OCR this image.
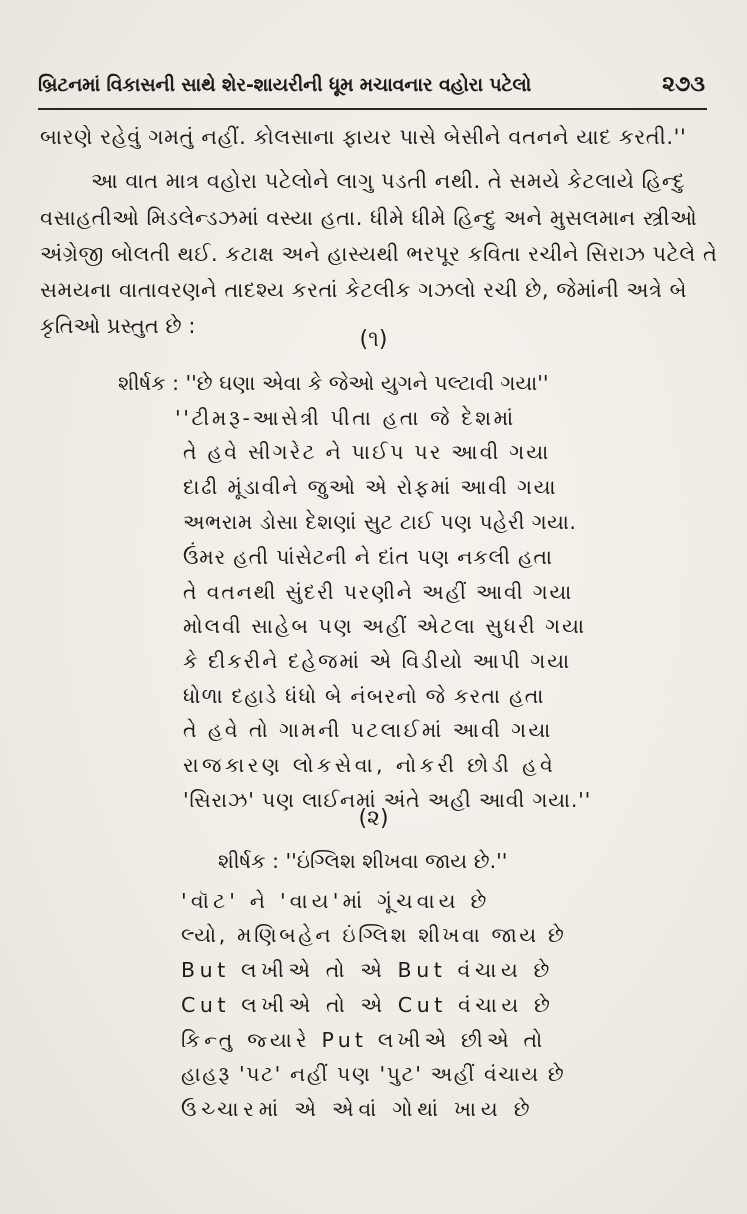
બ્રિટનમાં વિકાસની સાથે શેર-શાયરીની ધૂમ મચાવનાર વહોરા પટેલો	૨૭૩
બારણે રહેવું ગમતું નહીં. કોલસાના ફાયર પાસે બેસીને વતનને યાદ કરતી.''
આ વાત માત્ર વહોરા પટેલોને લાગુ પડતી નથી. તે સમયે કેટલાયે હિન્દુ
વસાહતીઓ મિડલેન્ડઝમાં વસ્યા હતા. ધીમે ધીમે હિન્દુ અને મુસલમાન સ્ત્રીઓ
અંગ્રેજી બોલતી થઈ. કટાક્ષ અને હાસ્યથી ભરપૂર કવિતા રચીને સિરાઝ પટેલે તે
સમયના વાતાવરણને તાદશ્ય કરતાં કેટલીક ગઝલો રચી છે, જેમાંની અત્રે બે
કૃતિઓ પ્રસ્તુત છે :
(૧)
શીર્ષક : ''છે ઘણા એવા કે જેઓ યુગને પલ્ટાવી ગયા''
''ટીમરૂ-આસેત્રી પીતા હતા જે દેશમાં
તે હવે સીગરેટ ને પાઈપ પર આવી ગયા
દાઢી મૂંડાવીને જુઓ એ રોફમાં આવી ગયા
અભરામ ડોસા દેશણાં સુટ ટાઈ પણ પહેરી ગયા.
ઉંમર હતી પાંસેટની ને દાંત પણ નકલી હતા
તે વતનથી સુંદરી પરણીને અહીં આવી ગયા
મોલવી સાહેબ પણ અહીં એટલા સુધરી ગયા
કે દીકરીને દહેજમાં એ વિડીયો આપી ગયા
ધોળા દહાડે ધંધો બે નંબરનો જે કરતા હતા
તે હવે તો ગામની પટલાઈમાં આવી ગયા
રાજકારણ લોકસેવા, નોકરી છોડી હવે
'સિરાઝ' પણ લાઈનમાં અંતે અહી આવી ગયા.''
(૨)
શીર્ષક : ''ઇંગ્લિશ શીખવા જાય છે.''
'વૉટ' ને 'વાય'માં ગૂંચવાય છે
લ્યો, મણિબહેન ઇંગ્લિશ શીખવા જાય છે
But લખીએ તો એ But વંચાય છે
Cut લખીએ તો એ Cut વંચાય છે
કિન્તુ જ્યારે Put લખીએ છીએ તો
હાહરૂ 'પટ' નહીં પણ 'પુટ' અહીં વંચાય છે
ઉચ્ચારમાં એ એવાં ગોથાં ખાય છે
